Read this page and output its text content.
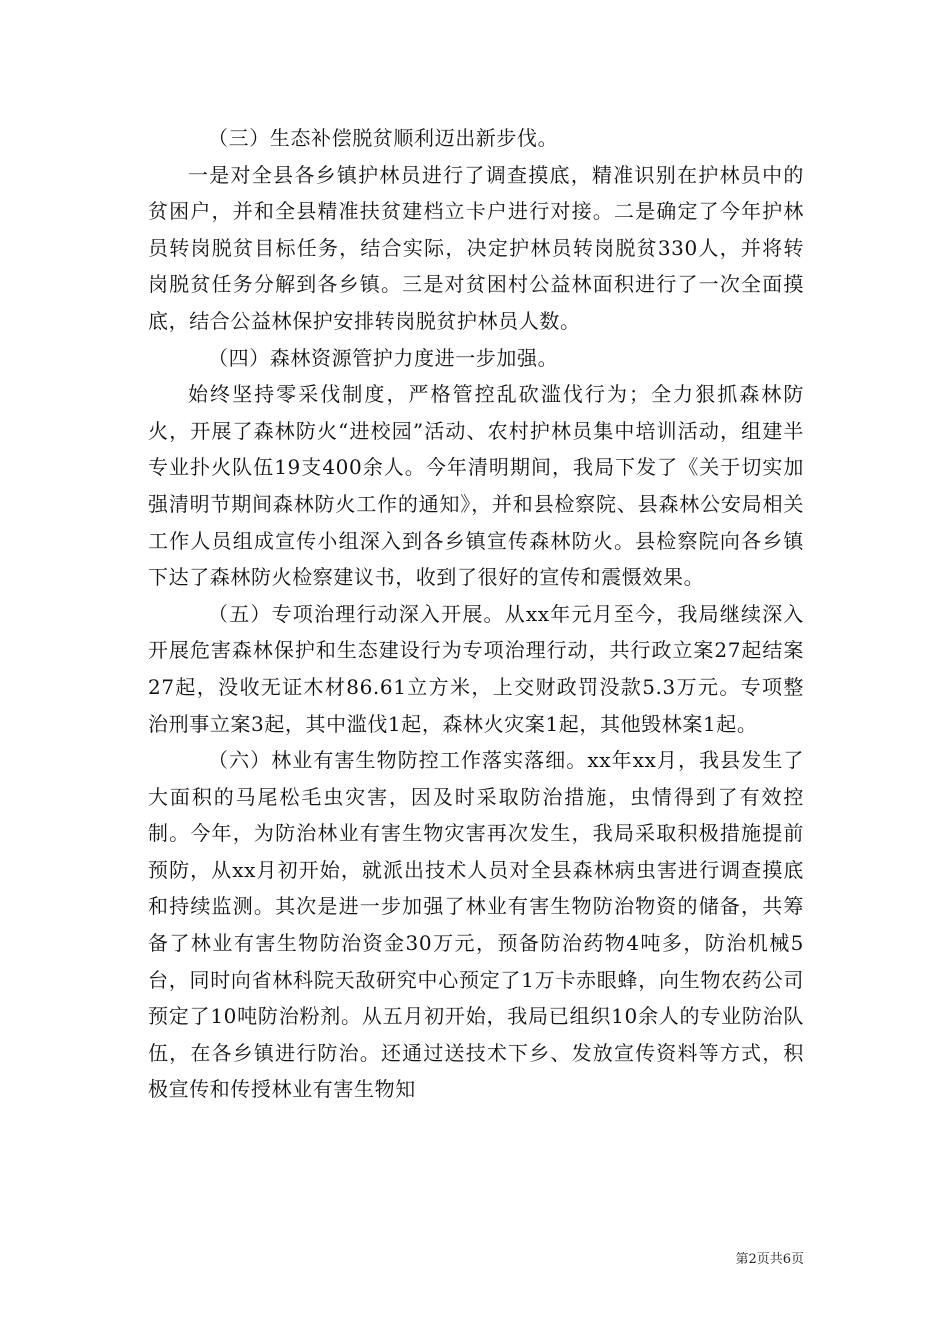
（三）生态补偿脱贫顺利迈出新步伐。

一是对全县各乡镇护林员进行了调查摸底，精准识别在护林员中的贫困户，并和全县精准扶贫建档立卡户进行对接。二是确定了今年护林员转岗脱贫目标任务，结合实际，决定护林员转岗脱贫330人，并将转岗脱贫任务分解到各乡镇。三是对贫困村公益林面积进行了一次全面摸底，结合公益林保护安排转岗脱贫护林员人数。

（四）森林资源管护力度进一步加强。

始终坚持零采伐制度，严格管控乱砍滥伐行为；全力狠抓森林防火，开展了森林防火“进校园”活动、农村护林员集中培训活动，组建半专业扑火队伍19支400余人。今年清明期间，我局下发了《关于切实加强清明节期间森林防火工作的通知》，并和县检察院、县森林公安局相关工作人员组成宣传小组深入到各乡镇宣传森林防火。县检察院向各乡镇下达了森林防火检察建议书，收到了很好的宣传和震慑效果。

（五）专项治理行动深入开展。从xx年元月至今，我局继续深入开展危害森林保护和生态建设行为专项治理行动，共行政立案27起结案27起，没收无证木材86.61立方米，上交财政罚没款5.3万元。专项整治刑事立案3起，其中滥伐1起，森林火灾案1起，其他毁林案1起。

（六）林业有害生物防控工作落实落细。xx年xx月，我县发生了大面积的马尾松毛虫灾害，因及时采取防治措施，虫情得到了有效控制。今年，为防治林业有害生物灾害再次发生，我局采取积极措施提前预防，从xx月初开始，就派出技术人员对全县森林病虫害进行调查摸底和持续监测。其次是进一步加强了林业有害生物防治物资的储备，共筹备了林业有害生物防治资金30万元，预备防治药物4吨多，防治机械5台，同时向省林科院天敌研究中心预定了1万卡赤眼蜂，向生物农药公司预定了10吨防治粉剂。从五月初开始，我局已组织10余人的专业防治队伍，在各乡镇进行防治。还通过送技术下乡、发放宣传资料等方式，积极宣传和传授林业有害生物知

第2页共6页
